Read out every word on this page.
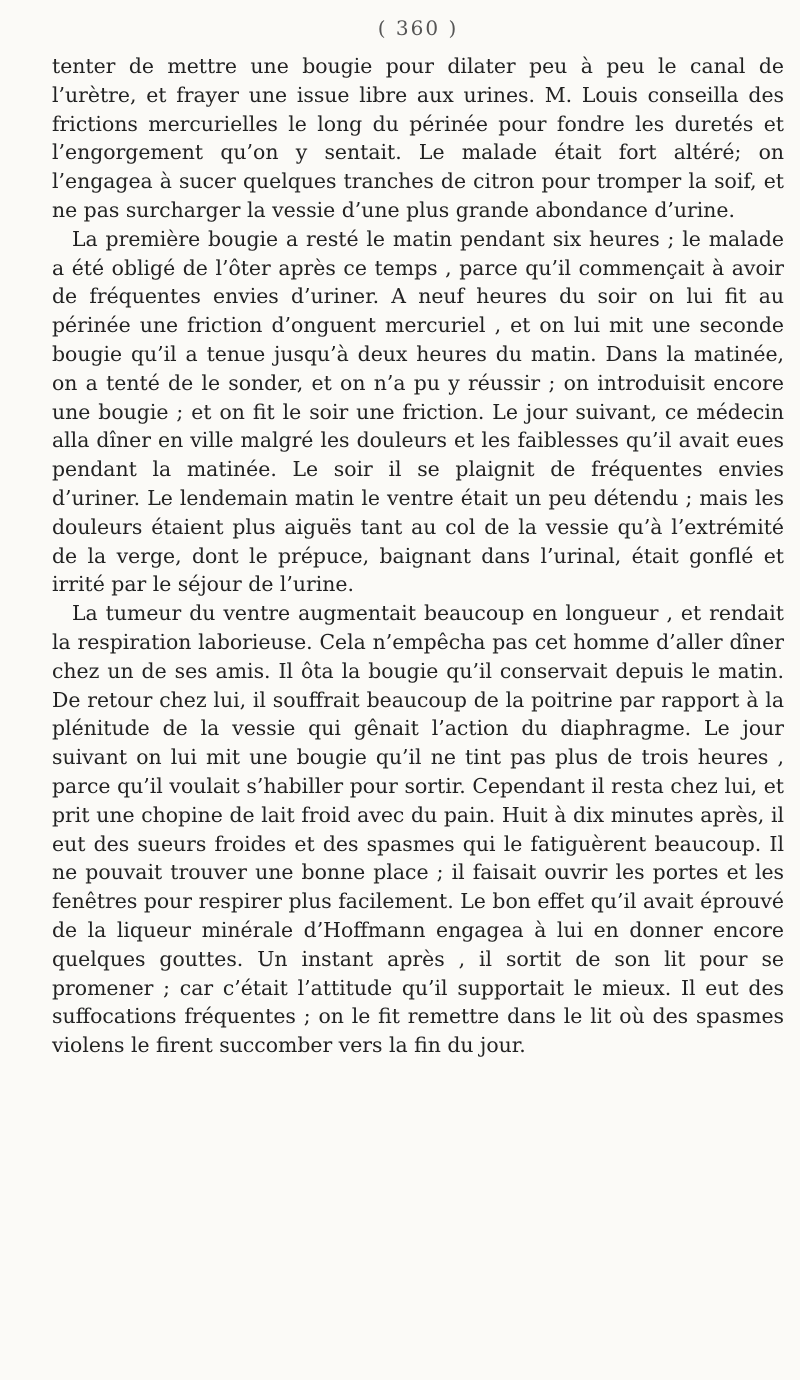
( 360 )

tenter de mettre une bougie pour dilater peu à peu le canal de l’urètre, et frayer une issue libre aux urines. M. Louis conseilla des frictions mercurielles le long du périnée pour fondre les duretés et l’engorgement qu’on y sentait. Le malade était fort altéré; on l’engagea à sucer quelques tranches de citron pour tromper la soif, et ne pas surcharger la vessie d’une plus grande abondance d’urine.

La première bougie a resté le matin pendant six heures ; le malade a été obligé de l’ôter après ce temps , parce qu’il commençait à avoir de fréquentes envies d’uriner. A neuf heures du soir on lui fit au périnée une friction d’onguent mercuriel , et on lui mit une seconde bougie qu’il a tenue jusqu’à deux heures du matin. Dans la matinée, on a tenté de le sonder, et on n’a pu y réussir ; on introduisit encore une bougie ; et on fit le soir une friction. Le jour suivant, ce médecin alla dîner en ville malgré les douleurs et les faiblesses qu’il avait eues pendant la matinée. Le soir il se plaignit de fréquentes envies d’uriner. Le lendemain matin le ventre était un peu détendu ; mais les douleurs étaient plus aiguës tant au col de la vessie qu’à l’extrémité de la verge, dont le prépuce, baignant dans l’urinal, était gonflé et irrité par le séjour de l’urine.

La tumeur du ventre augmentait beaucoup en longueur , et rendait la respiration laborieuse. Cela n’empêcha pas cet homme d’aller dîner chez un de ses amis. Il ôta la bougie qu’il conservait depuis le matin. De retour chez lui, il souffrait beaucoup de la poitrine par rapport à la plénitude de la vessie qui gênait l’action du diaphragme. Le jour suivant on lui mit une bougie qu’il ne tint pas plus de trois heures , parce qu’il voulait s’habiller pour sortir. Cependant il resta chez lui, et prit une chopine de lait froid avec du pain. Huit à dix minutes après, il eut des sueurs froides et des spasmes qui le fatiguèrent beaucoup. Il ne pouvait trouver une bonne place ; il faisait ouvrir les portes et les fenêtres pour respirer plus facilement. Le bon effet qu’il avait éprouvé de la liqueur minérale d’Hoffmann engagea à lui en donner encore quelques gouttes. Un instant après , il sortit de son lit pour se promener ; car c’était l’attitude qu’il supportait le mieux. Il eut des suffocations fréquentes ; on le fit remettre dans le lit où des spasmes violens le firent succomber vers la fin du jour.
